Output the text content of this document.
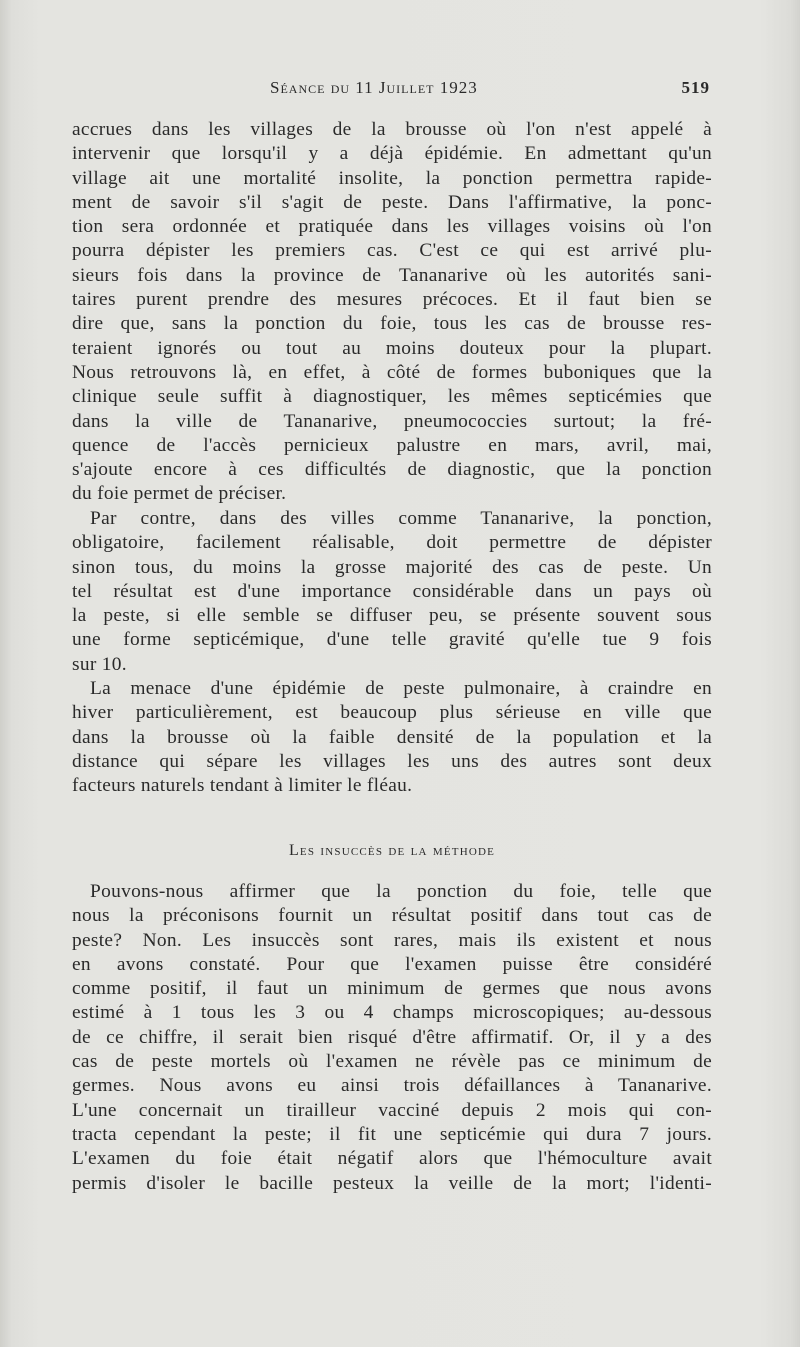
Séance du 11 Juillet 1923	519
accrues dans les villages de la brousse où l'on n'est appelé à
intervenir que lorsqu'il y a déjà épidémie. En admettant qu'un
village ait une mortalité insolite, la ponction permettra rapide-
ment de savoir s'il s'agit de peste. Dans l'affirmative, la ponc-
tion sera ordonnée et pratiquée dans les villages voisins où l'on
pourra dépister les premiers cas. C'est ce qui est arrivé plu-
sieurs fois dans la province de Tananarive où les autorités sani-
taires purent prendre des mesures précoces. Et il faut bien se
dire que, sans la ponction du foie, tous les cas de brousse res-
teraient ignorés ou tout au moins douteux pour la plupart.
Nous retrouvons là, en effet, à côté de formes buboniques que la
clinique seule suffit à diagnostiquer, les mêmes septicémies que
dans la ville de Tananarive, pneumococcies surtout; la fré-
quence de l'accès pernicieux palustre en mars, avril, mai,
s'ajoute encore à ces difficultés de diagnostic, que la ponction
du foie permet de préciser.
Par contre, dans des villes comme Tananarive, la ponction,
obligatoire, facilement réalisable, doit permettre de dépister
sinon tous, du moins la grosse majorité des cas de peste. Un
tel résultat est d'une importance considérable dans un pays où
la peste, si elle semble se diffuser peu, se présente souvent sous
une forme septicémique, d'une telle gravité qu'elle tue 9 fois
sur 10.
La menace d'une épidémie de peste pulmonaire, à craindre en
hiver particulièrement, est beaucoup plus sérieuse en ville que
dans la brousse où la faible densité de la population et la
distance qui sépare les villages les uns des autres sont deux
facteurs naturels tendant à limiter le fléau.
Les insuccès de la méthode
Pouvons-nous affirmer que la ponction du foie, telle que
nous la préconisons fournit un résultat positif dans tout cas de
peste? Non. Les insuccès sont rares, mais ils existent et nous
en avons constaté. Pour que l'examen puisse être considéré
comme positif, il faut un minimum de germes que nous avons
estimé à 1 tous les 3 ou 4 champs microscopiques; au-dessous
de ce chiffre, il serait bien risqué d'être affirmatif. Or, il y a des
cas de peste mortels où l'examen ne révèle pas ce minimum de
germes. Nous avons eu ainsi trois défaillances à Tananarive.
L'une concernait un tirailleur vacciné depuis 2 mois qui con-
tracta cependant la peste; il fit une septicémie qui dura 7 jours.
L'examen du foie était négatif alors que l'hémoculture avait
permis d'isoler le bacille pesteux la veille de la mort; l'identi-
